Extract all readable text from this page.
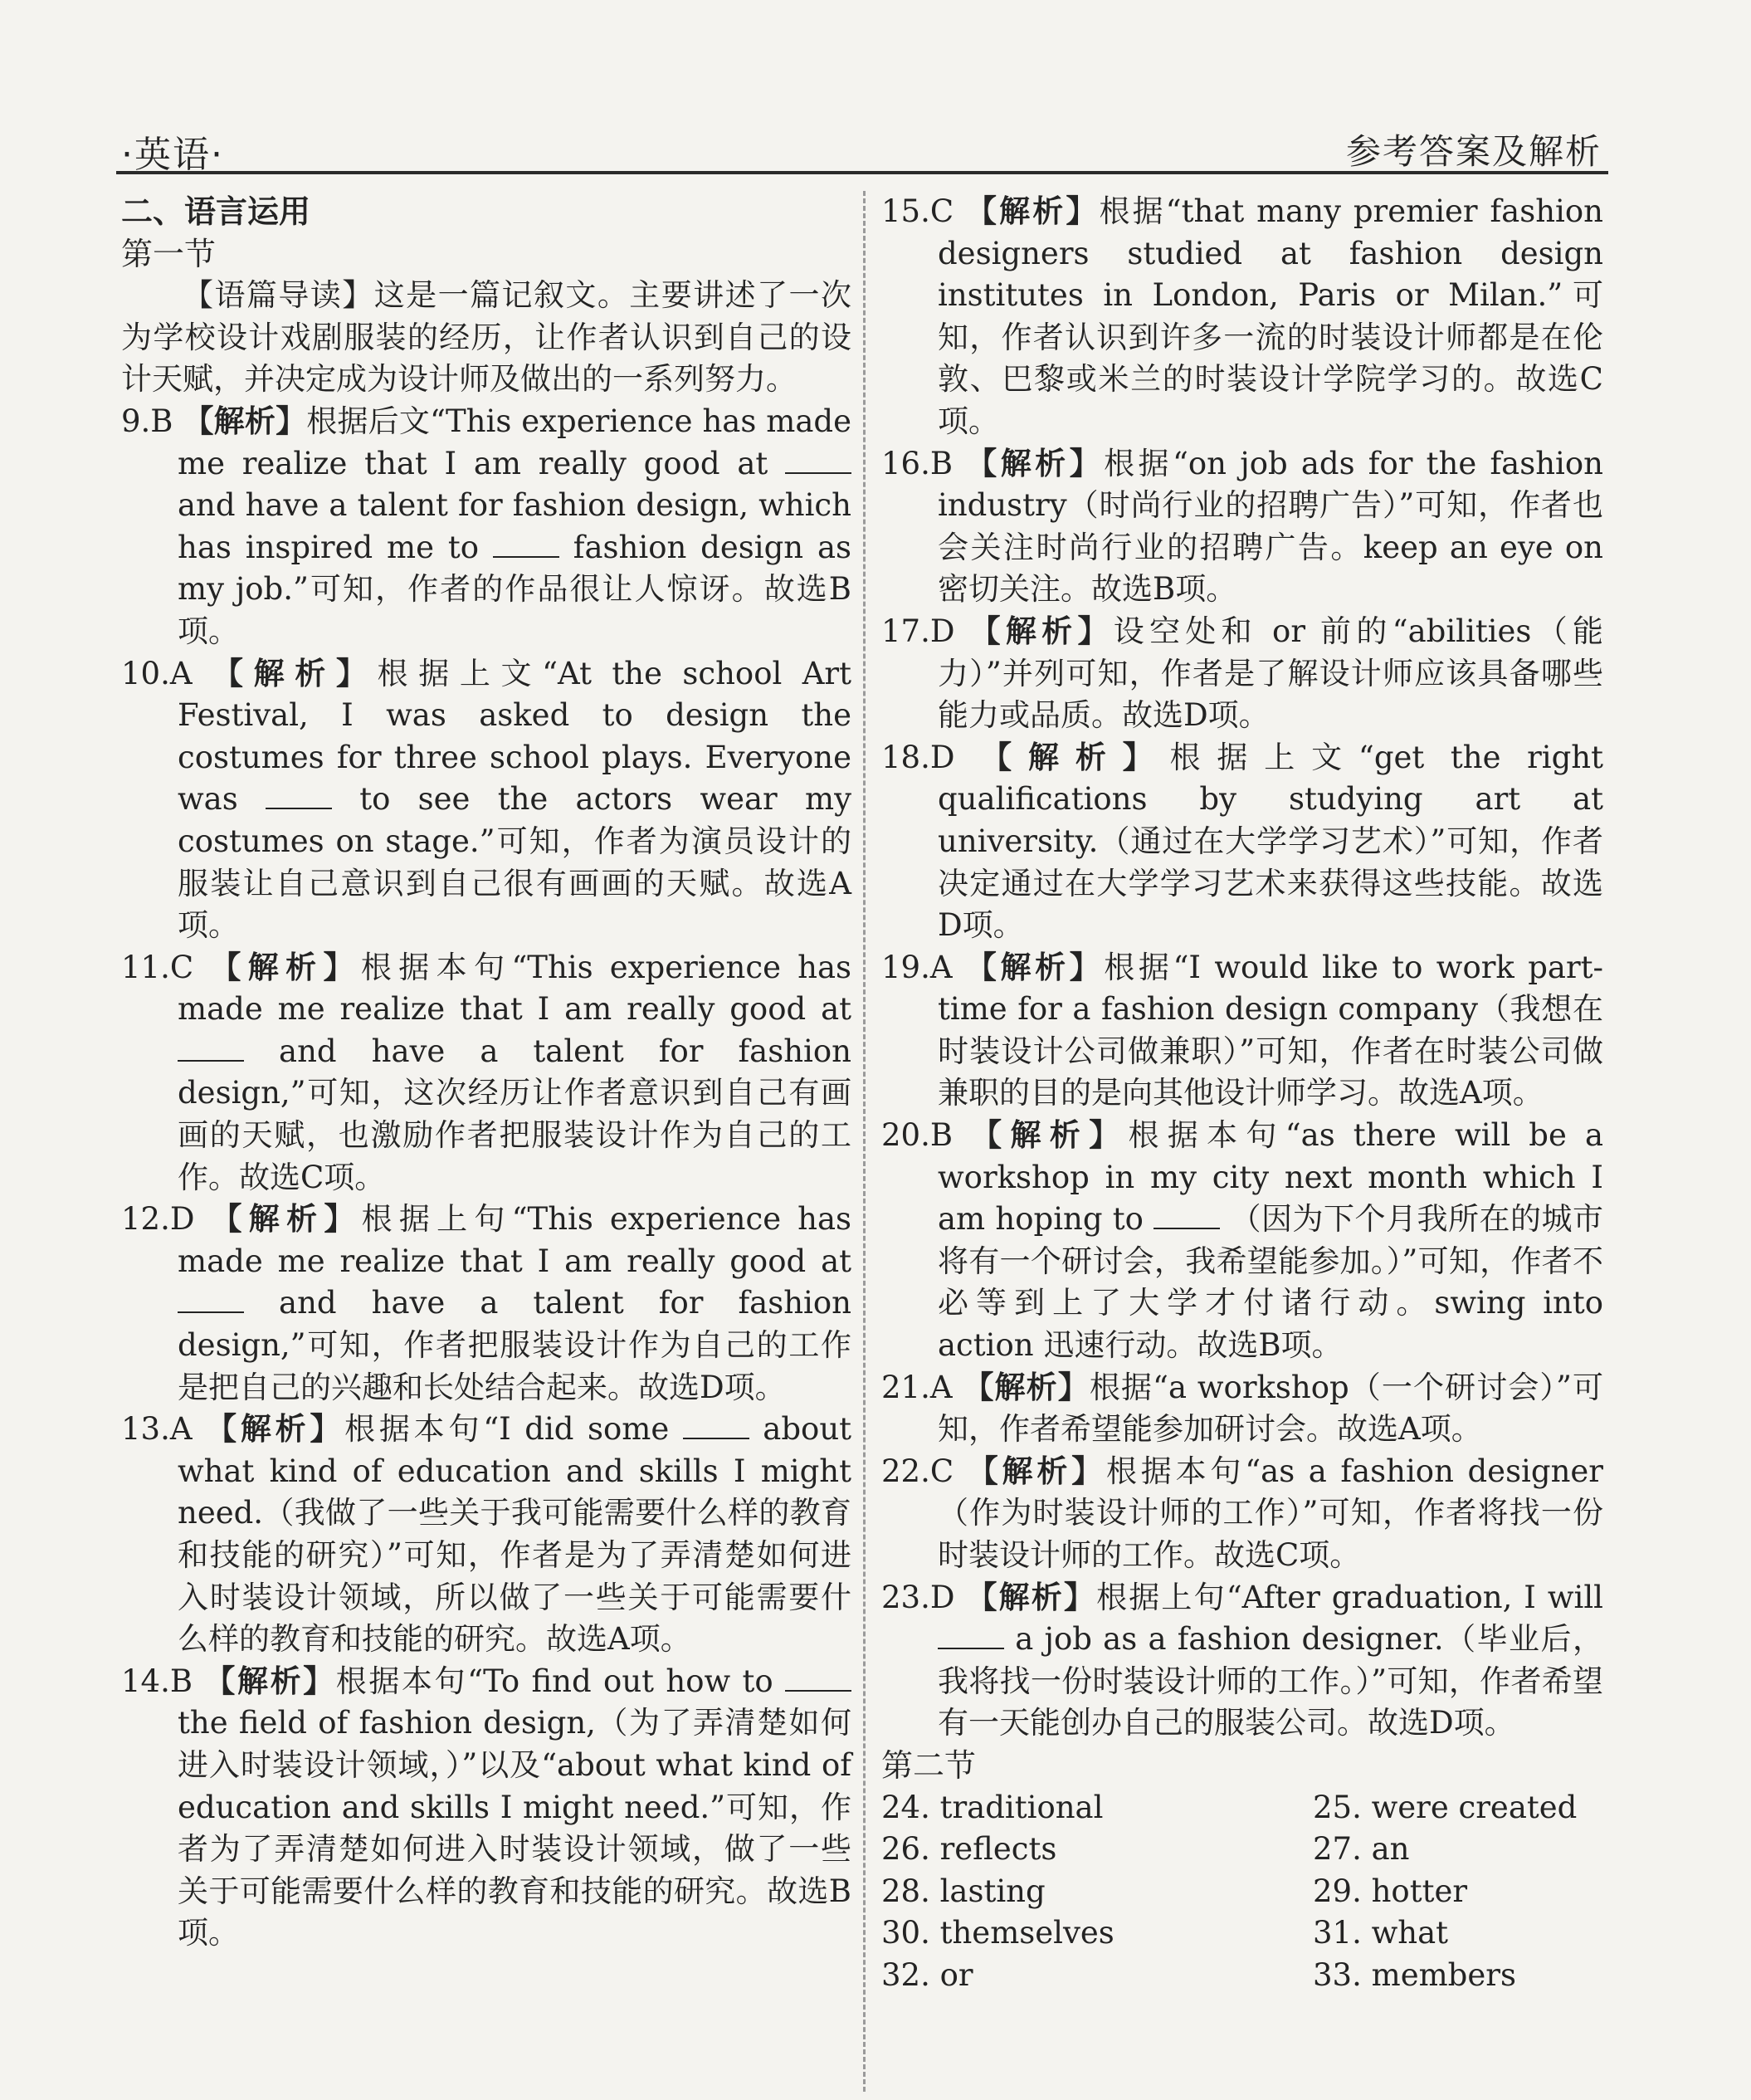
·英语·	参考答案及解析
二、语言运用
第一节
【语篇导读】这是一篇记叙文。主要讲述了一次为学校设计戏剧服装的经历，让作者认识到自己的设计天赋，并决定成为设计师及做出的一系列努力。
9.B 【解析】根据后文“This experience has made me realize that I am really good at  and have a talent for fashion design, which has inspired me to	fashion design as my job.”可知，作者的作品很让人惊讶。故选B项。
10.A 【解析】根据上文“At the school Art Festival, I was asked to design the costumes for three school plays. Everyone was	to see the actors wear my costumes on stage.”可知，作者为演员设计的服装让自己意识到自己很有画画的天赋。故选A项。
11.C 【解析】根据本句“This experience has made me realize that I am really good at  and have a talent for fashion design,”可知，这次经历让作者意识到自己有画画的天赋，也激励作者把服装设计作为自己的工作。故选C项。
12.D 【解析】根据上句“This experience has made me realize that I am really good at  and have a talent for fashion design,”可知，作者把服装设计作为自己的工作是把自己的兴趣和长处结合起来。故选D项。
13.A 【解析】根据本句“I did some	about what kind of education and skills I might need.（我做了一些关于我可能需要什么样的教育和技能的研究）”可知，作者是为了弄清楚如何进入时装设计领域，所以做了一些关于可能需要什么样的教育和技能的研究。故选A项。
14.B 【解析】根据本句“To find out how to  the field of fashion design,（为了弄清楚如何进入时装设计领域，）”以及“about what kind of education and skills I might need.”可知，作者为了弄清楚如何进入时装设计领域，做了一些关于可能需要什么样的教育和技能的研究。故选B项。
15.C 【解析】根据“that many premier fashion designers studied at fashion design institutes in London, Paris or Milan.”可知，作者认识到许多一流的时装设计师都是在伦敦、巴黎或米兰的时装设计学院学习的。故选C项。
16.B 【解析】根据“on job ads for the fashion industry（时尚行业的招聘广告）”可知，作者也会关注时尚行业的招聘广告。keep an eye on 密切关注。故选B项。
17.D 【解析】设空处和 or 前的“abilities（能力）”并列可知，作者是了解设计师应该具备哪些能力或品质。故选D项。
18.D 【解析】根据上文“get the right qualifications by studying art at university.（通过在大学学习艺术）”可知，作者决定通过在大学学习艺术来获得这些技能。故选D项。
19.A 【解析】根据“I would like to work part-time for a fashion design company（我想在时装设计公司做兼职）”可知，作者在时装公司做兼职的目的是向其他设计师学习。故选A项。
20.B 【解析】根据本句“as there will be a workshop in my city next month which I am hoping to	（因为下个月我所在的城市将有一个研讨会，我希望能参加。）”可知，作者不必等到上了大学才付诸行动。swing into action 迅速行动。故选B项。
21.A 【解析】根据“a workshop（一个研讨会）”可知，作者希望能参加研讨会。故选A项。
22.C 【解析】根据本句“as a fashion designer（作为时装设计师的工作）”可知，作者将找一份时装设计师的工作。故选C项。
23.D 【解析】根据上句“After graduation, I will  a job as a fashion designer.（毕业后，我将找一份时装设计师的工作。）”可知，作者希望有一天能创办自己的服装公司。故选D项。
第二节
24. traditional	25. were created
26. reflects	27. an
28. lasting	29. hotter
30. themselves	31. what
32. or	33. members
